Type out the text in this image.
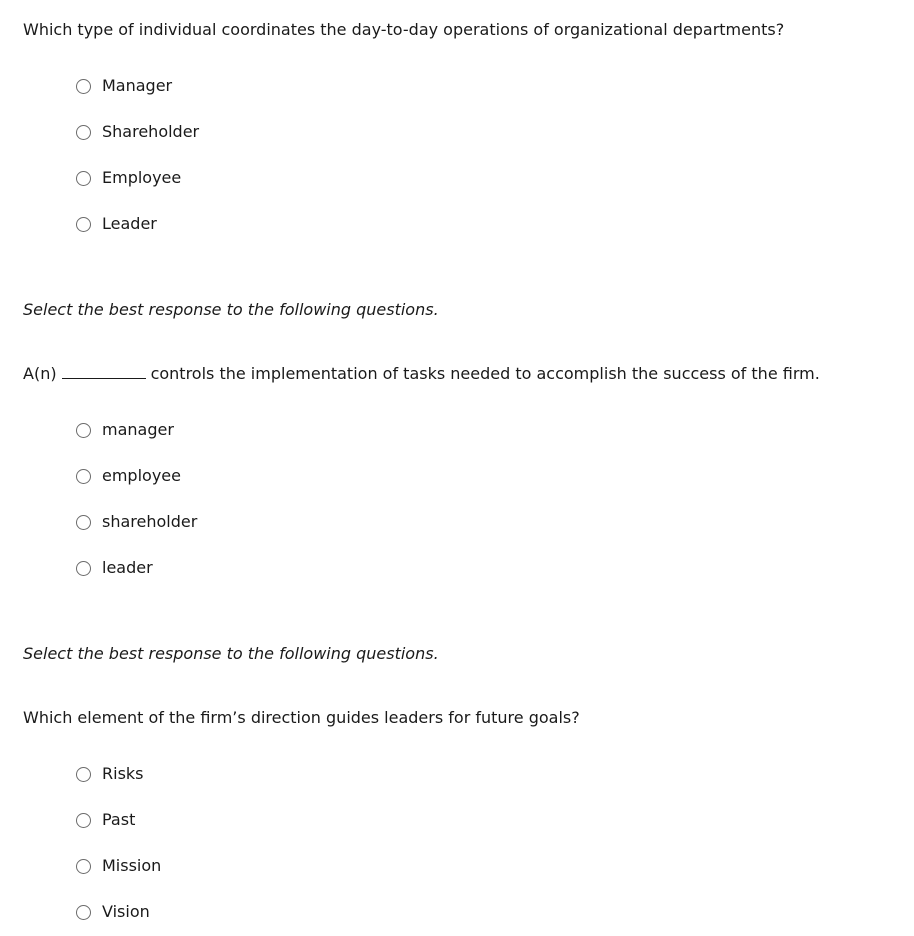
Which type of individual coordinates the day-to-day operations of organizational departments?
Manager
Shareholder
Employee
Leader
Select the best response to the following questions.
A(n)	controls the implementation of tasks needed to accomplish the success of the firm.
manager
employee
shareholder
leader
Select the best response to the following questions.
Which element of the firm’s direction guides leaders for future goals?
Risks
Past
Mission
Vision
